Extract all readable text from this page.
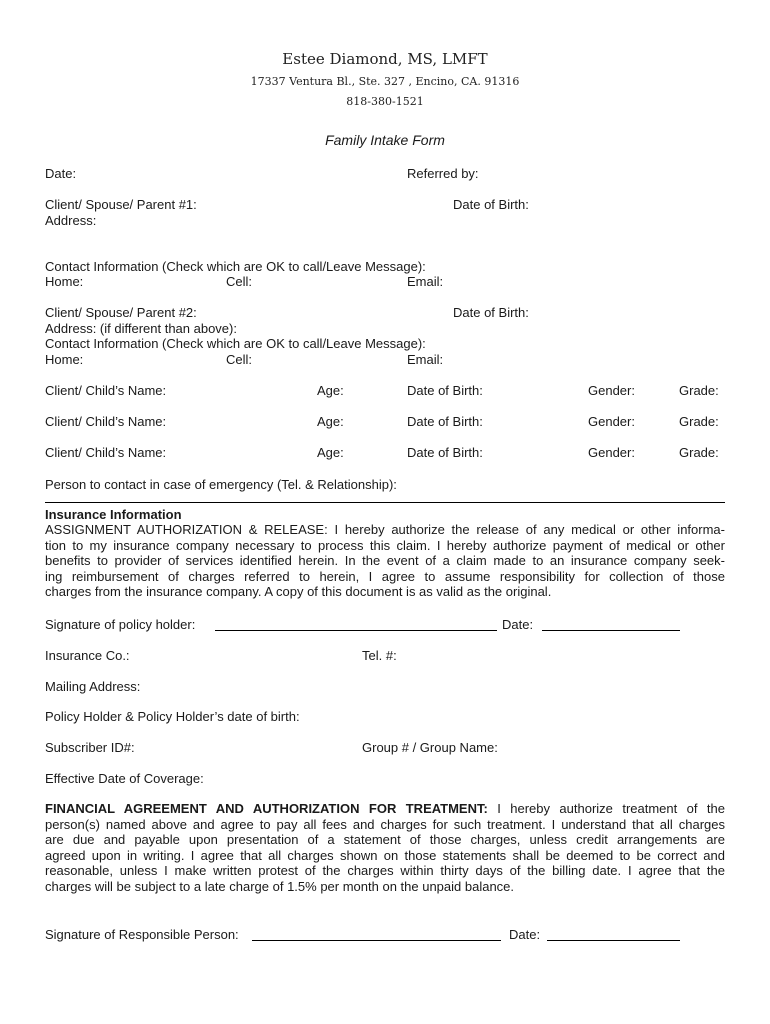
Estee Diamond, MS, LMFT
17337 Ventura Bl., Ste. 327 , Encino, CA. 91316
818-380-1521
Family Intake Form
Date:	Referred by:
Client/ Spouse/ Parent #1:	Date of Birth:
Address:
Contact Information (Check which are OK to call/Leave Message):
Home:	Cell:	Email:
Client/ Spouse/ Parent #2:	Date of Birth:
Address: (if different than above):
Contact Information (Check which are OK to call/Leave Message):
Home:	Cell:	Email:
Client/ Child’s Name:	Age:	Date of Birth:	Gender:	Grade:
Client/ Child’s Name:	Age:	Date of Birth:	Gender:	Grade:
Client/ Child’s Name:	Age:	Date of Birth:	Gender:	Grade:
Person to contact in case of emergency (Tel. & Relationship):
Insurance Information
ASSIGNMENT AUTHORIZATION & RELEASE: I hereby authorize the release of any medical or other informa-
tion to my insurance company necessary to process this claim. I hereby authorize payment of medical or other
benefits to provider of services identified herein. In the event of a claim made to an insurance company seek-
ing reimbursement of charges referred to herein, I agree to assume responsibility for collection of those
charges from the insurance company. A copy of this document is as valid as the original.
Signature of policy holder:	Date:
Insurance Co.:	Tel. #:
Mailing Address:
Policy Holder & Policy Holder’s date of birth:
Subscriber ID#:	Group # / Group Name:
Effective Date of Coverage:
FINANCIAL AGREEMENT AND AUTHORIZATION FOR TREATMENT: I hereby authorize treatment of the
person(s) named above and agree to pay all fees and charges for such treatment. I understand that all charges
are due and payable upon presentation of a statement of those charges, unless credit arrangements are
agreed upon in writing. I agree that all charges shown on those statements shall be deemed to be correct and
reasonable, unless I make written protest of the charges within thirty days of the billing date. I agree that the
charges will be subject to a late charge of 1.5% per month on the unpaid balance.
Signature of Responsible Person:	Date:
